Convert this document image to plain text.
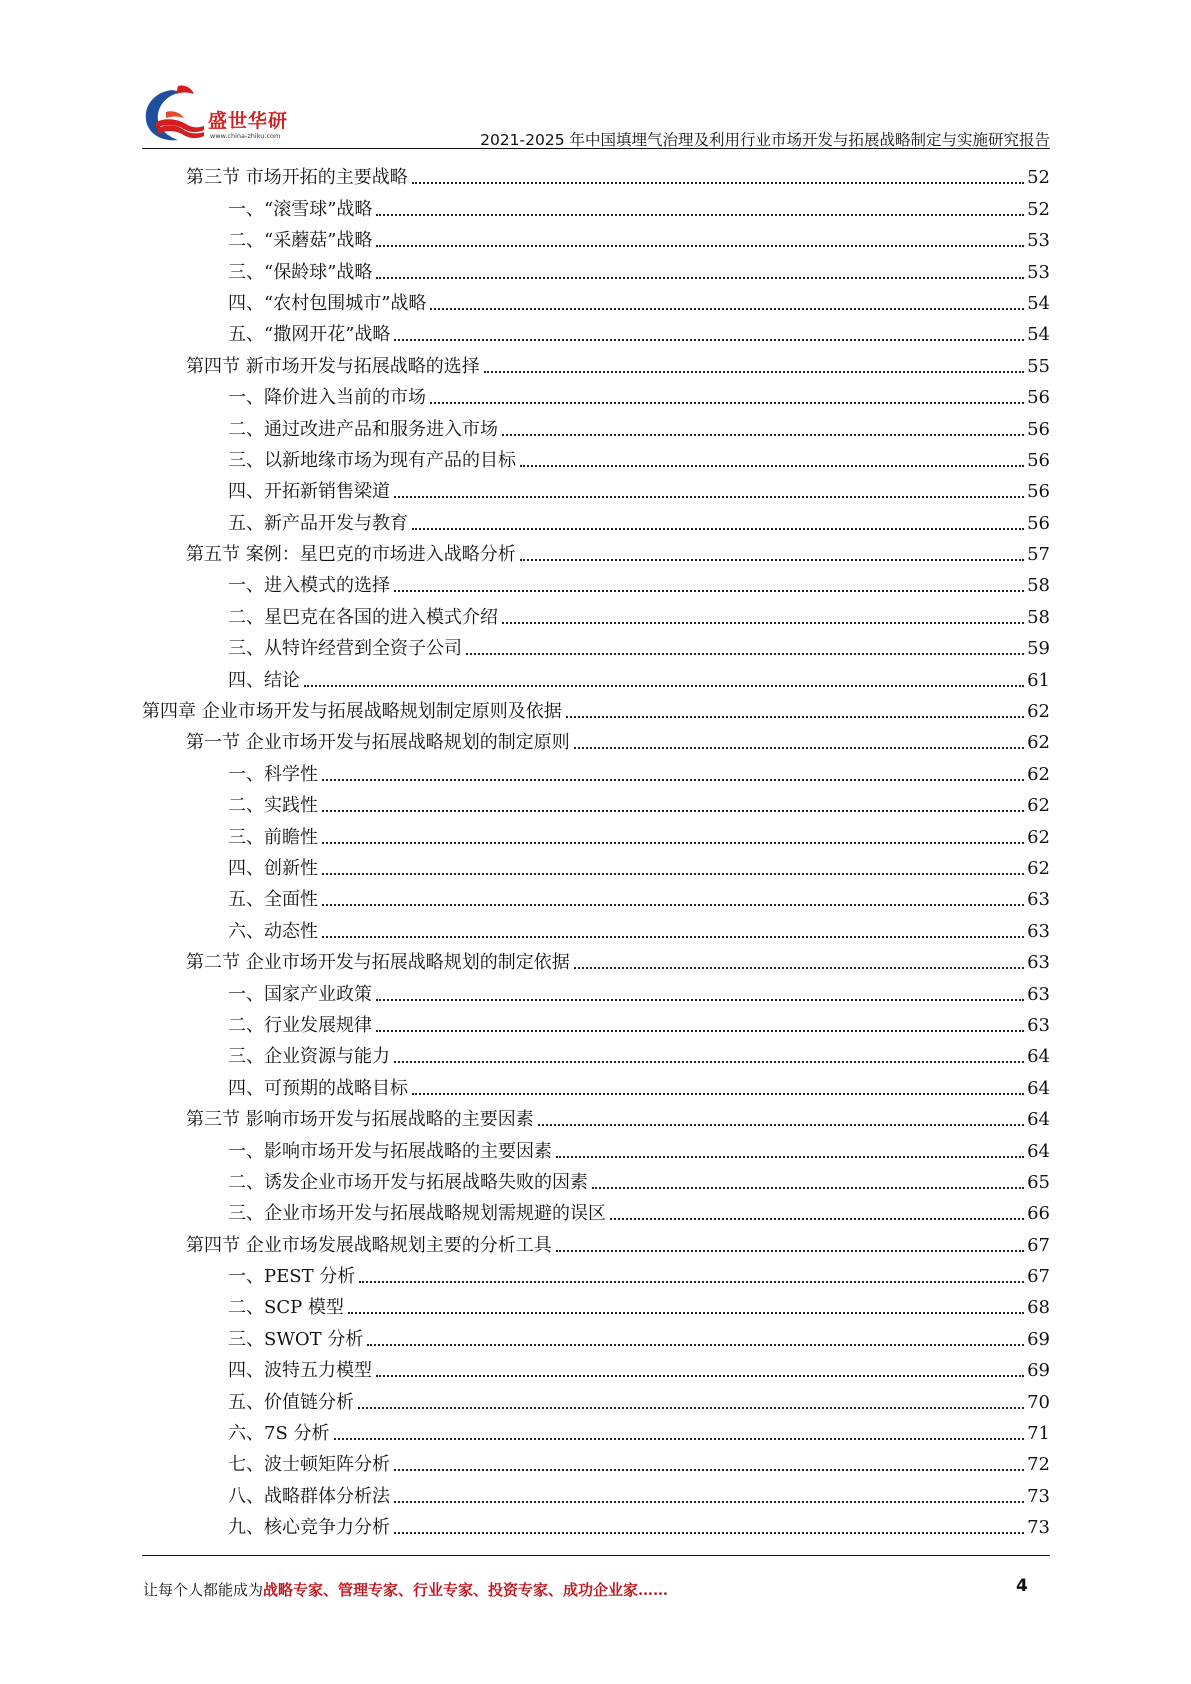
盛世华研
www.china-zhiku.com	2021-2025 年中国填埋气治理及利用行业市场开发与拓展战略制定与实施研究报告
第三节 市场开拓的主要战略	52
一、“滚雪球”战略	52
二、“采蘑菇”战略	53
三、“保龄球”战略	53
四、“农村包围城市”战略	54
五、“撒网开花”战略	54
第四节 新市场开发与拓展战略的选择	55
一、降价进入当前的市场	56
二、通过改进产品和服务进入市场	56
三、以新地缘市场为现有产品的目标	56
四、开拓新销售梁道	56
五、新产品开发与教育	56
第五节 案例：星巴克的市场进入战略分析	57
一、进入模式的选择	58
二、星巴克在各国的进入模式介绍	58
三、从特许经营到全资子公司	59
四、结论	61
第四章 企业市场开发与拓展战略规划制定原则及依据	62
第一节 企业市场开发与拓展战略规划的制定原则	62
一、科学性	62
二、实践性	62
三、前瞻性	62
四、创新性	62
五、全面性	63
六、动态性	63
第二节 企业市场开发与拓展战略规划的制定依据	63
一、国家产业政策	63
二、行业发展规律	63
三、企业资源与能力	64
四、可预期的战略目标	64
第三节 影响市场开发与拓展战略的主要因素	64
一、影响市场开发与拓展战略的主要因素	64
二、诱发企业市场开发与拓展战略失败的因素	65
三、企业市场开发与拓展战略规划需规避的误区	66
第四节 企业市场发展战略规划主要的分析工具	67
一、PEST 分析	67
二、SCP 模型	68
三、SWOT 分析	69
四、波特五力模型	69
五、价值链分析	70
六、7S 分析	71
七、波士顿矩阵分析	72
八、战略群体分析法	73
九、核心竞争力分析	73
让每个人都能成为战略专家、管理专家、行业专家、投资专家、成功企业家……	4
